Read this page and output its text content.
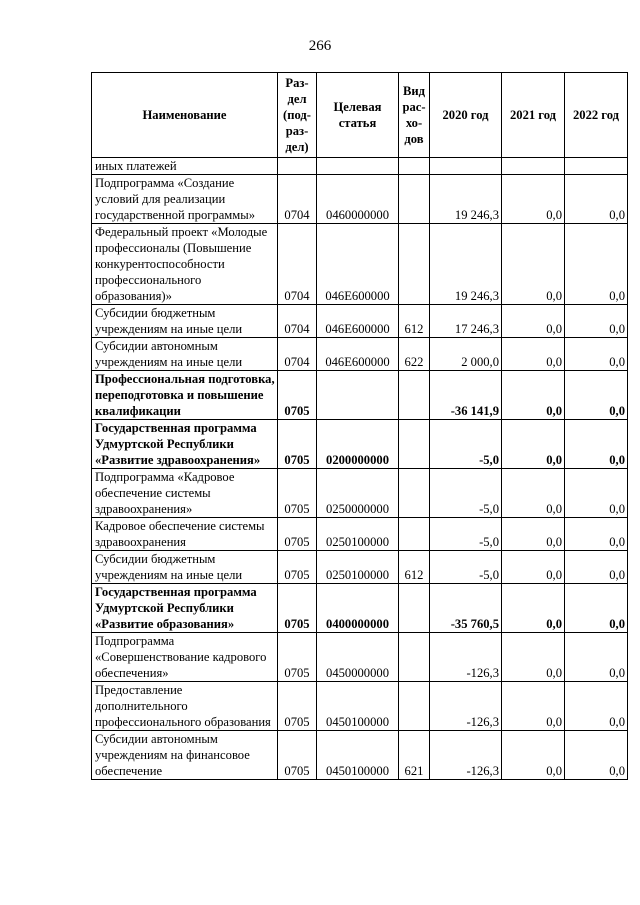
266
Наименование	Раз-дел (под-раз-дел)	Целевая статья	Вид рас-хо-дов	2020 год	2021 год	2022 год
иных платежей						
Подпрограмма «Создание условий для реализации государственной программы»	0704	0460000000		19 246,3	0,0	0,0
Федеральный проект «Молодые профессионалы (Повышение конкурентоспособности профессионального образования)»	0704	046E600000		19 246,3	0,0	0,0
Субсидии бюджетным учреждениям на иные цели	0704	046E600000	612	17 246,3	0,0	0,0
Субсидии автономным учреждениям на иные цели	0704	046E600000	622	2 000,0	0,0	0,0
Профессиональная подготовка, переподготовка и повышение квалификации	0705			-36 141,9	0,0	0,0
Государственная программа Удмуртской Республики «Развитие здравоохранения»	0705	0200000000		-5,0	0,0	0,0
Подпрограмма «Кадровое обеспечение системы здравоохранения»	0705	0250000000		-5,0	0,0	0,0
Кадровое обеспечение системы здравоохранения	0705	0250100000		-5,0	0,0	0,0
Субсидии бюджетным учреждениям на иные цели	0705	0250100000	612	-5,0	0,0	0,0
Государственная программа Удмуртской Республики «Развитие образования»	0705	0400000000		-35 760,5	0,0	0,0
Подпрограмма «Совершенствование кадрового обеспечения»	0705	0450000000		-126,3	0,0	0,0
Предоставление дополнительного профессионального образования	0705	0450100000		-126,3	0,0	0,0
Субсидии автономным учреждениям на финансовое обеспечение	0705	0450100000	621	-126,3	0,0	0,0
